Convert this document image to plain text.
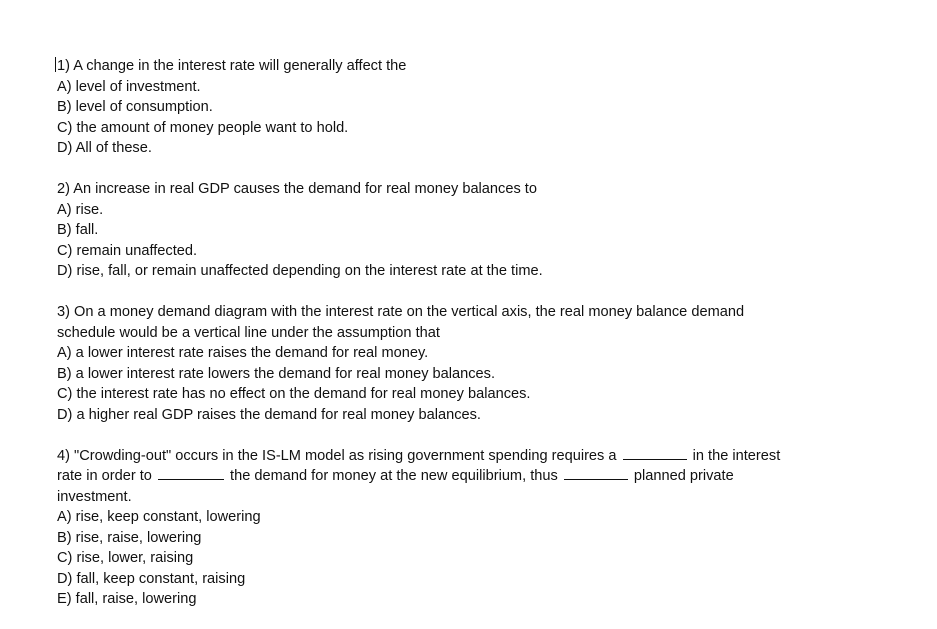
1) A change in the interest rate will generally affect the
A) level of investment.
B) level of consumption.
C) the amount of money people want to hold.
D) All of these.
2) An increase in real GDP causes the demand for real money balances to
A) rise.
B) fall.
C) remain unaffected.
D) rise, fall, or remain unaffected depending on the interest rate at the time.
3) On a money demand diagram with the interest rate on the vertical axis, the real money balance demand
schedule would be a vertical line under the assumption that
A) a lower interest rate raises the demand for real money.
B) a lower interest rate lowers the demand for real money balances.
C) the interest rate has no effect on the demand for real money balances.
D) a higher real GDP raises the demand for real money balances.
4) "Crowding-out" occurs in the IS-LM model as rising government spending requires a	in the interest
rate in order to	the demand for money at the new equilibrium, thus	planned private
investment.
A) rise, keep constant, lowering
B) rise, raise, lowering
C) rise, lower, raising
D) fall, keep constant, raising
E) fall, raise, lowering
